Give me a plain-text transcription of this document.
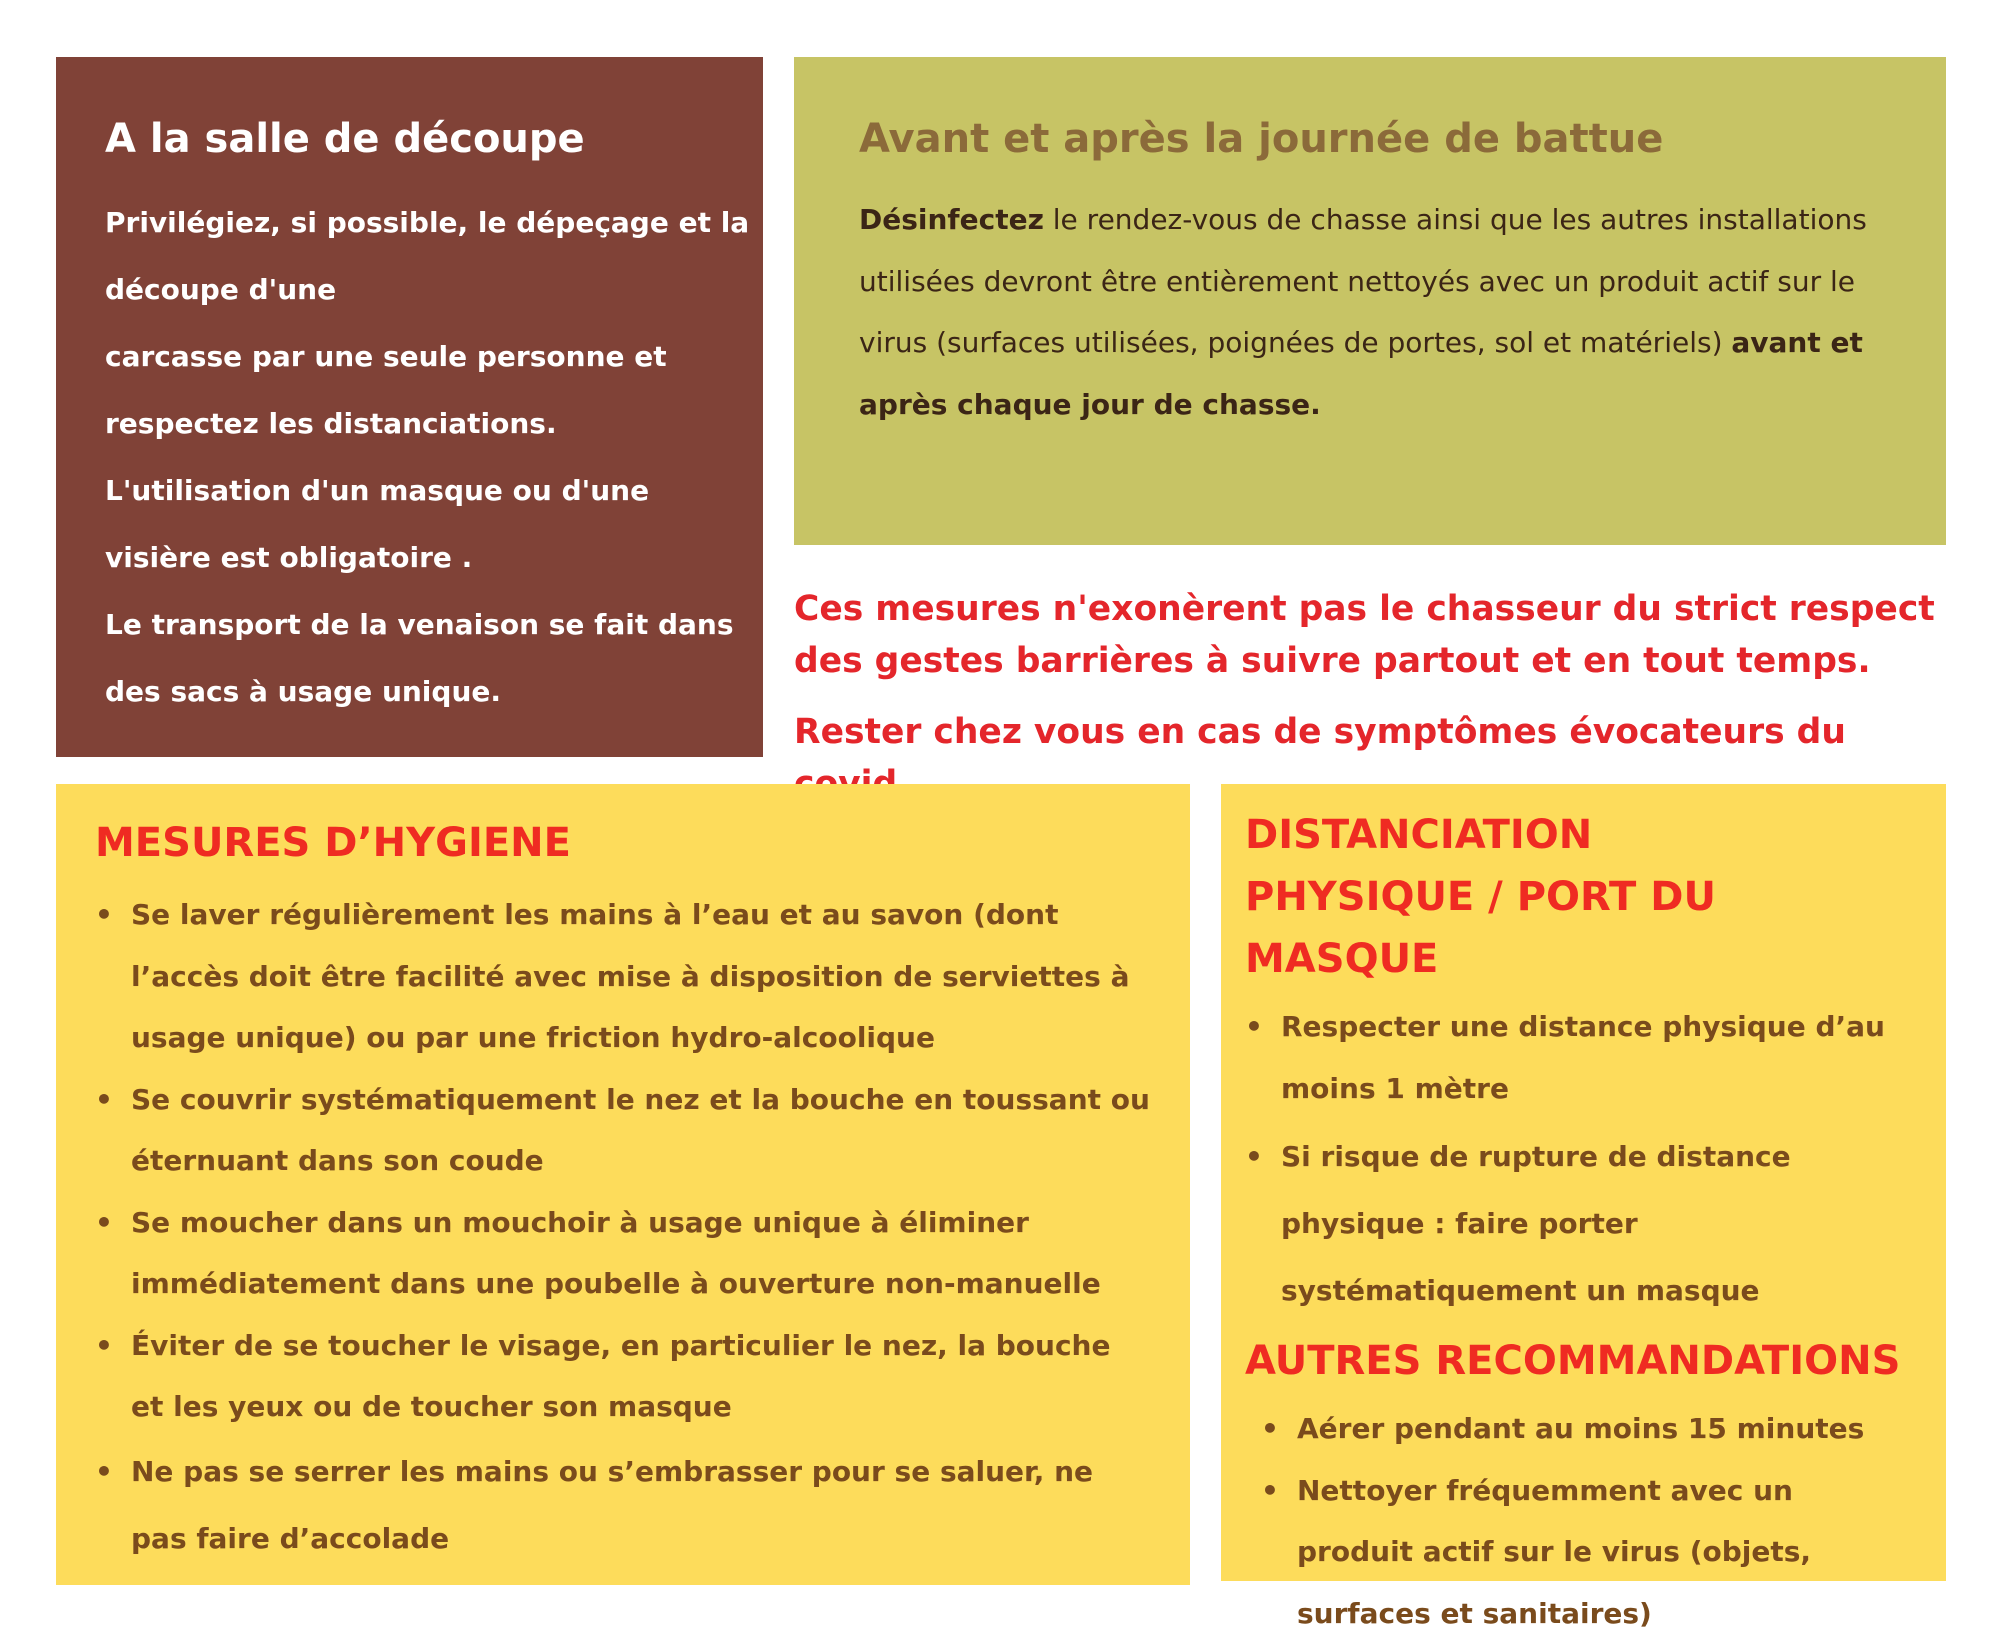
A la salle de découpe

Privilégiez, si possible, le dépeçage et la

découpe d'une

carcasse par une seule personne et

respectez les distanciations.

L'utilisation d'un masque ou d'une

visière est obligatoire .

Le transport de la venaison se fait dans

des sacs à usage unique.

Avant et après la journée de battue

Désinfectez le rendez-vous de chasse ainsi que les autres installations utilisées devront être entièrement nettoyés avec un produit actif sur le virus (surfaces utilisées, poignées de portes, sol et matériels) avant et

après chaque jour de chasse.

Ces mesures n'exonèrent pas le chasseur du strict respect

des gestes barrières à suivre partout et en tout temps.

Rester chez vous en cas de symptômes évocateurs du

MESURES D’HYGIENE
• Se laver régulièrement les mains à l’eau et au savon (dont l’accès doit être facilité avec mise à disposition de serviettes à usage unique) ou par une friction hydro-alcoolique
• Se couvrir systématiquement le nez et la bouche en toussant ou éternuant dans son coude
• Se moucher dans un mouchoir à usage unique à éliminer immédiatement dans une poubelle à ouverture non-manuelle
• Éviter de se toucher le visage, en particulier le nez, la bouche et les yeux ou de toucher son masque
• Ne pas se serrer les mains ou s’embrasser pour se saluer, ne pas faire d’accolade
DISTANCIATION
PHYSIQUE / PORT DU MASQUE
• Respecter une distance physique d’au moins 1 mètre
• Si risque de rupture de distance physique : faire porter systématiquement un masque
AUTRES RECOMMANDATIONS
• Aérer pendant au moins 15 minutes
• Nettoyer fréquemment avec un produit actif sur le virus (objets, surfaces et sanitaires)
